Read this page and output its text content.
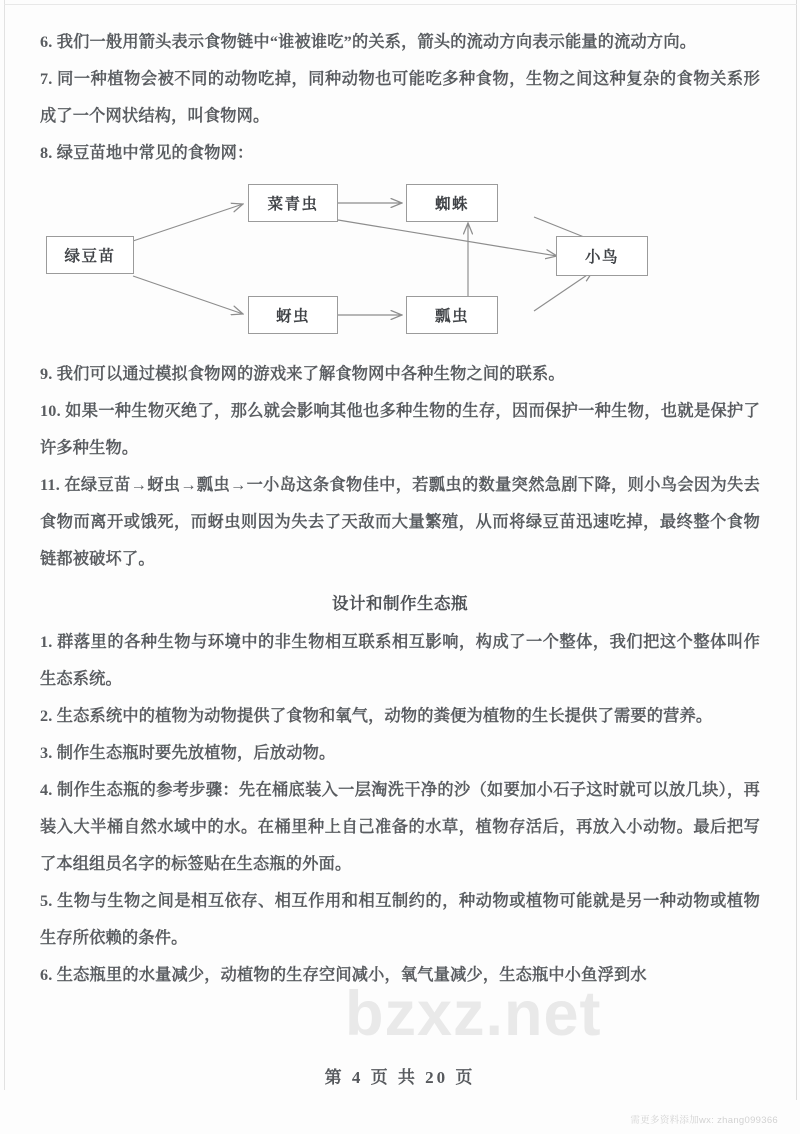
6. 我们一般用箭头表示食物链中“谁被谁吃”的关系，箭头的流动方向表示能量的流动方向。

7. 同一种植物会被不同的动物吃掉，同种动物也可能吃多种食物，生物之间这种复杂的食物关系形成了一个网状结构，叫食物网。

8. 绿豆苗地中常见的食物网：

绿豆苗
菜青虫	蜘蛛
蚜虫	瓢虫
小鸟

9. 我们可以通过模拟食物网的游戏来了解食物网中各种生物之间的联系。

10. 如果一种生物灭绝了，那么就会影响其他也多种生物的生存，因而保护一种生物，也就是保护了许多种生物。

11. 在绿豆苗→蚜虫→瓢虫→一小岛这条食物佳中，若瓢虫的数量突然急剧下降，则小鸟会因为失去食物而离开或饿死，而蚜虫则因为失去了天敌而大量繁殖，从而将绿豆苗迅速吃掉，最终整个食物链都被破坏了。

设计和制作生态瓶

1. 群落里的各种生物与环境中的非生物相互联系相互影响，构成了一个整体，我们把这个整体叫作生态系统。

2. 生态系统中的植物为动物提供了食物和氧气，动物的粪便为植物的生长提供了需要的营养。

3. 制作生态瓶时要先放植物，后放动物。

4. 制作生态瓶的参考步骤：先在桶底装入一层淘洗干净的沙（如要加小石子这时就可以放几块），再装入大半桶自然水域中的水。在桶里种上自己准备的水草，植物存活后，再放入小动物。最后把写了本组组员名字的标签贴在生态瓶的外面。

5. 生物与生物之间是相互依存、相互作用和相互制约的，种动物或植物可能就是另一种动物或植物生存所依赖的条件。

6. 生态瓶里的水量减少，动植物的生存空间减小，氧气量减少，生态瓶中小鱼浮到水

bzxz.net
第 4 页 共 20 页
需更多资料添加wx: zhang099366
